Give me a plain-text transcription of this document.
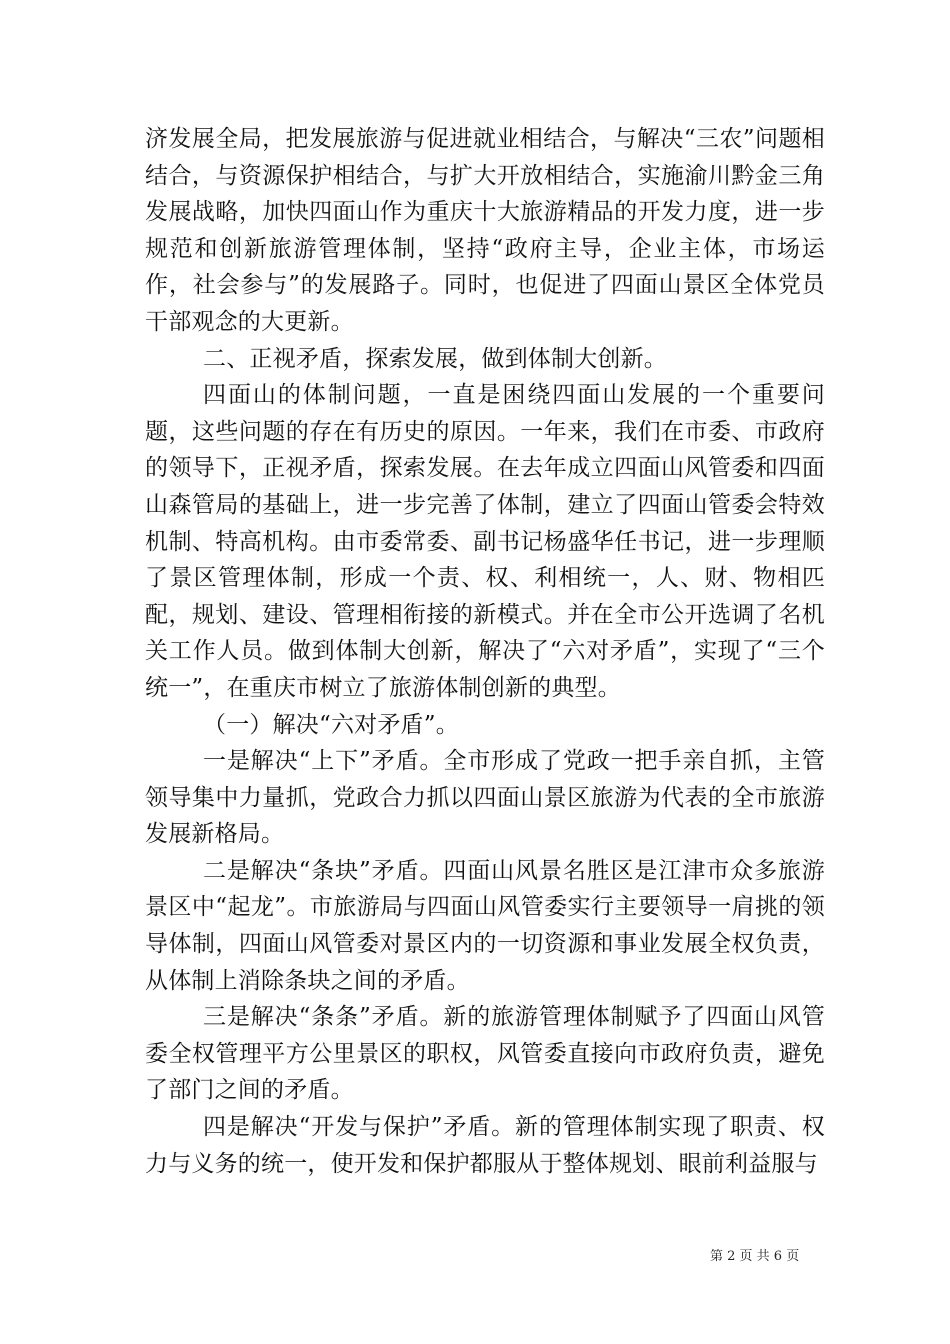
济发展全局，把发展旅游与促进就业相结合，与解决“三农”问题相结合，与资源保护相结合，与扩大开放相结合，实施渝川黔金三角发展战略，加快四面山作为重庆十大旅游精品的开发力度，进一步规范和创新旅游管理体制，坚持“政府主导，企业主体，市场运作，社会参与”的发展路子。同时，也促进了四面山景区全体党员干部观念的大更新。

二、正视矛盾，探索发展，做到体制大创新。

四面山的体制问题，一直是困绕四面山发展的一个重要问题，这些问题的存在有历史的原因。一年来，我们在市委、市政府的领导下，正视矛盾，探索发展。在去年成立四面山风管委和四面山森管局的基础上，进一步完善了体制，建立了四面山管委会特效机制、特高机构。由市委常委、副书记杨盛华任书记，进一步理顺了景区管理体制，形成一个责、权、利相统一，人、财、物相匹配，规划、建设、管理相衔接的新模式。并在全市公开选调了名机关工作人员。做到体制大创新，解决了“六对矛盾”，实现了“三个统一”，在重庆市树立了旅游体制创新的典型。

（一）解决“六对矛盾”。

一是解决“上下”矛盾。全市形成了党政一把手亲自抓，主管领导集中力量抓，党政合力抓以四面山景区旅游为代表的全市旅游发展新格局。

二是解决“条块”矛盾。四面山风景名胜区是江津市众多旅游景区中“起龙”。市旅游局与四面山风管委实行主要领导一肩挑的领导体制，四面山风管委对景区内的一切资源和事业发展全权负责，从体制上消除条块之间的矛盾。

三是解决“条条”矛盾。新的旅游管理体制赋予了四面山风管委全权管理平方公里景区的职权，风管委直接向市政府负责，避免了部门之间的矛盾。

四是解决“开发与保护”矛盾。新的管理体制实现了职责、权力与义务的统一，使开发和保护都服从于整体规划、眼前利益服与

第 2 页 共 6 页
